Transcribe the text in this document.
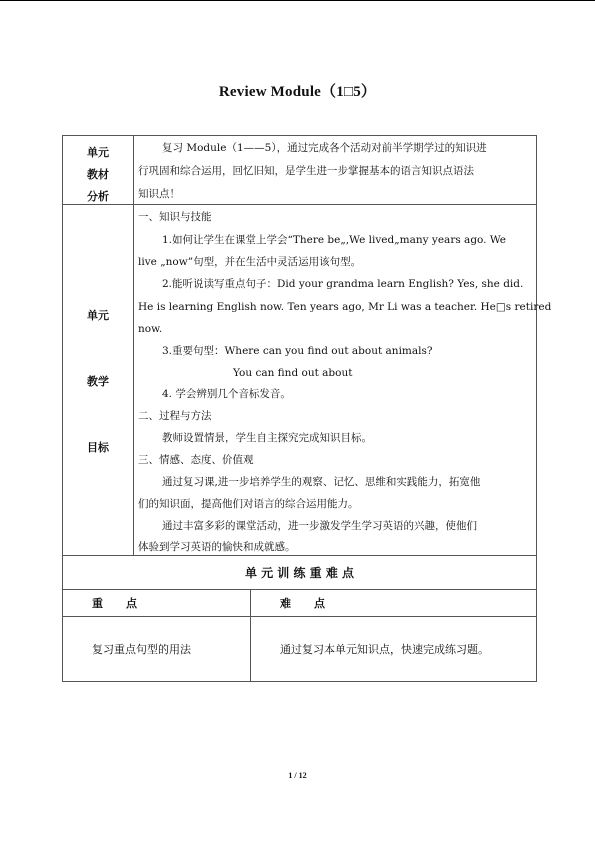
Review Module（1□5）
单元
教材
分析
复习 Module（1——5），通过完成各个活动对前半学期学过的知识进
行巩固和综合运用，回忆旧知，是学生进一步掌握基本的语言知识点语法
知识点！
单元
教学
目标
一、知识与技能
1.如何让学生在课堂上学会“There be„,We lived„many years ago. We
live „now”句型，并在生活中灵活运用该句型。
2.能听说读写重点句子：Did your grandma learn English? Yes, she did.
He is learning English now. Ten years ago, Mr Li was a teacher. He□s retired
now.
3.重要句型：Where can you find out about animals?
You can find out about
4. 学会辨别几个音标发音。
二、过程与方法
教师设置情景，学生自主探究完成知识目标。
三、情感、态度、价值观
通过复习课,进一步培养学生的观察、记忆、思维和实践能力，拓宽他
们的知识面，提高他们对语言的综合运用能力。
通过丰富多彩的课堂活动，进一步激发学生学习英语的兴趣，使他们
体验到学习英语的愉快和成就感。
单 元 训 练 重 难 点
重      点	难      点
复习重点句型的用法	通过复习本单元知识点，快速完成练习题。
1 / 12
